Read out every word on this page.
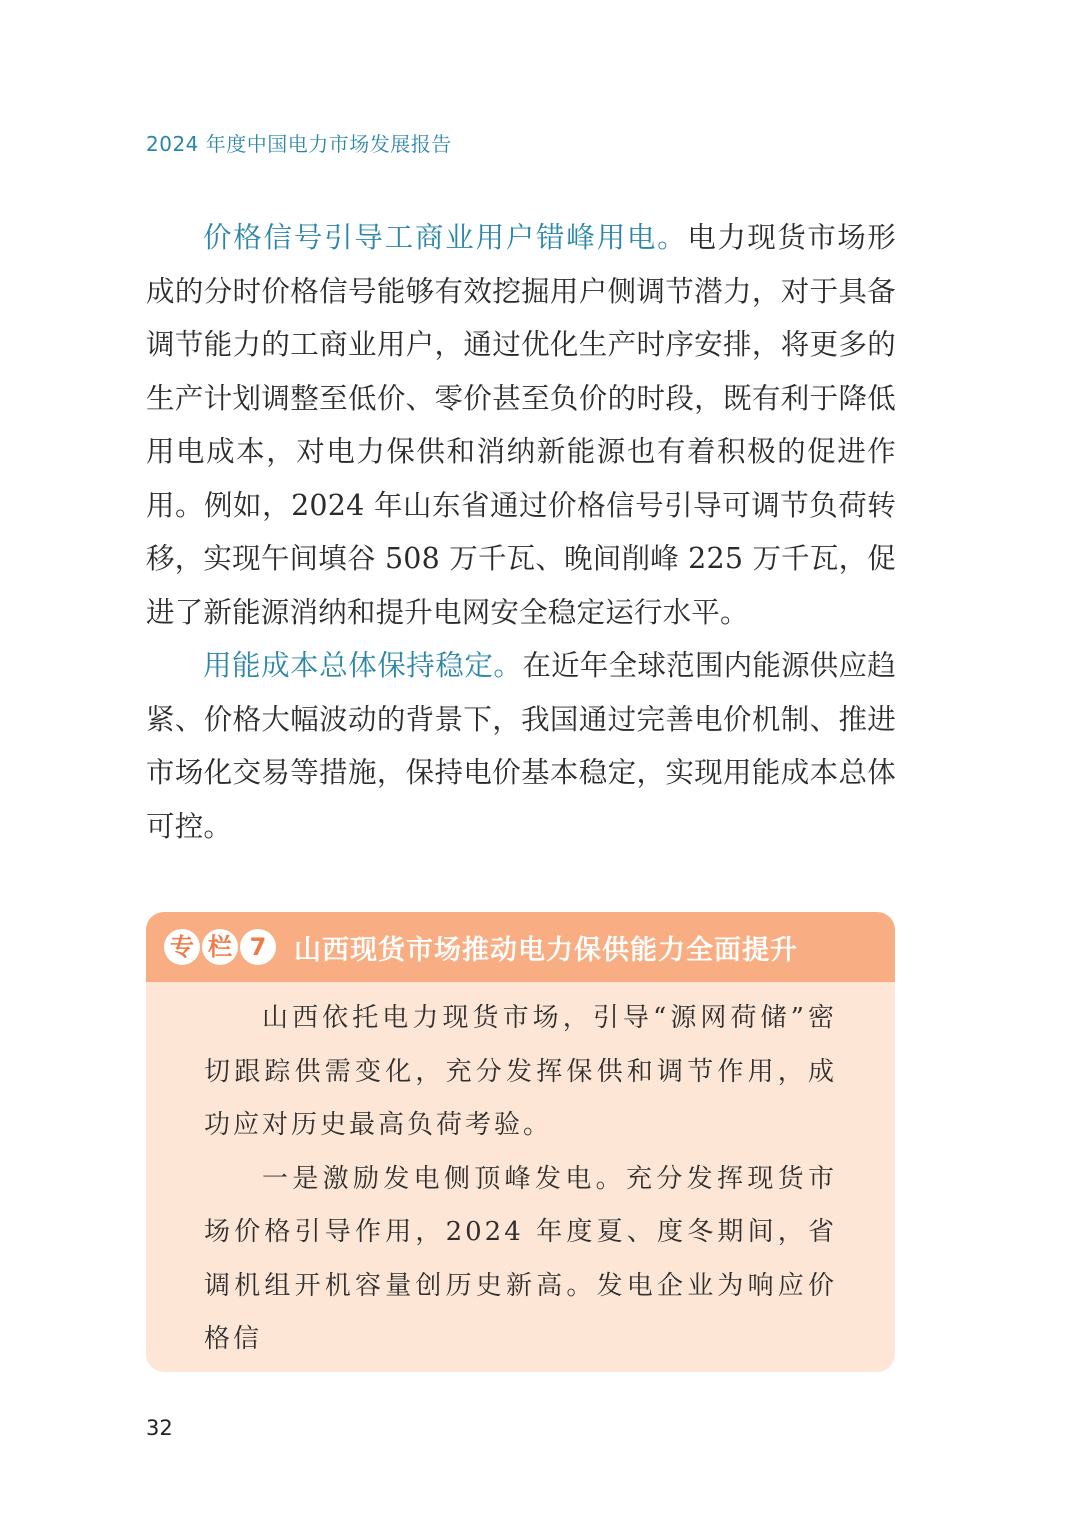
2024 年度中国电力市场发展报告

价格信号引导工商业用户错峰用电。电力现货市场形成的分时价格信号能够有效挖掘用户侧调节潜力，对于具备调节能力的工商业用户，通过优化生产时序安排，将更多的生产计划调整至低价、零价甚至负价的时段，既有利于降低用电成本，对电力保供和消纳新能源也有着积极的促进作用。例如，2024 年山东省通过价格信号引导可调节负荷转移，实现午间填谷 508 万千瓦、晚间削峰 225 万千瓦，促进了新能源消纳和提升电网安全稳定运行水平。

用能成本总体保持稳定。在近年全球范围内能源供应趋紧、价格大幅波动的背景下，我国通过完善电价机制、推进市场化交易等措施，保持电价基本稳定，实现用能成本总体可控。

专 栏 7	山西现货市场推动电力保供能力全面提升

山西依托电力现货市场，引导“源网荷储”密切跟踪供需变化，充分发挥保供和调节作用，成功应对历史最高负荷考验。

一是激励发电侧顶峰发电。充分发挥现货市场价格引导作用，2024 年度夏、度冬期间，省调机组开机容量创历史新高。发电企业为响应价格信

32
